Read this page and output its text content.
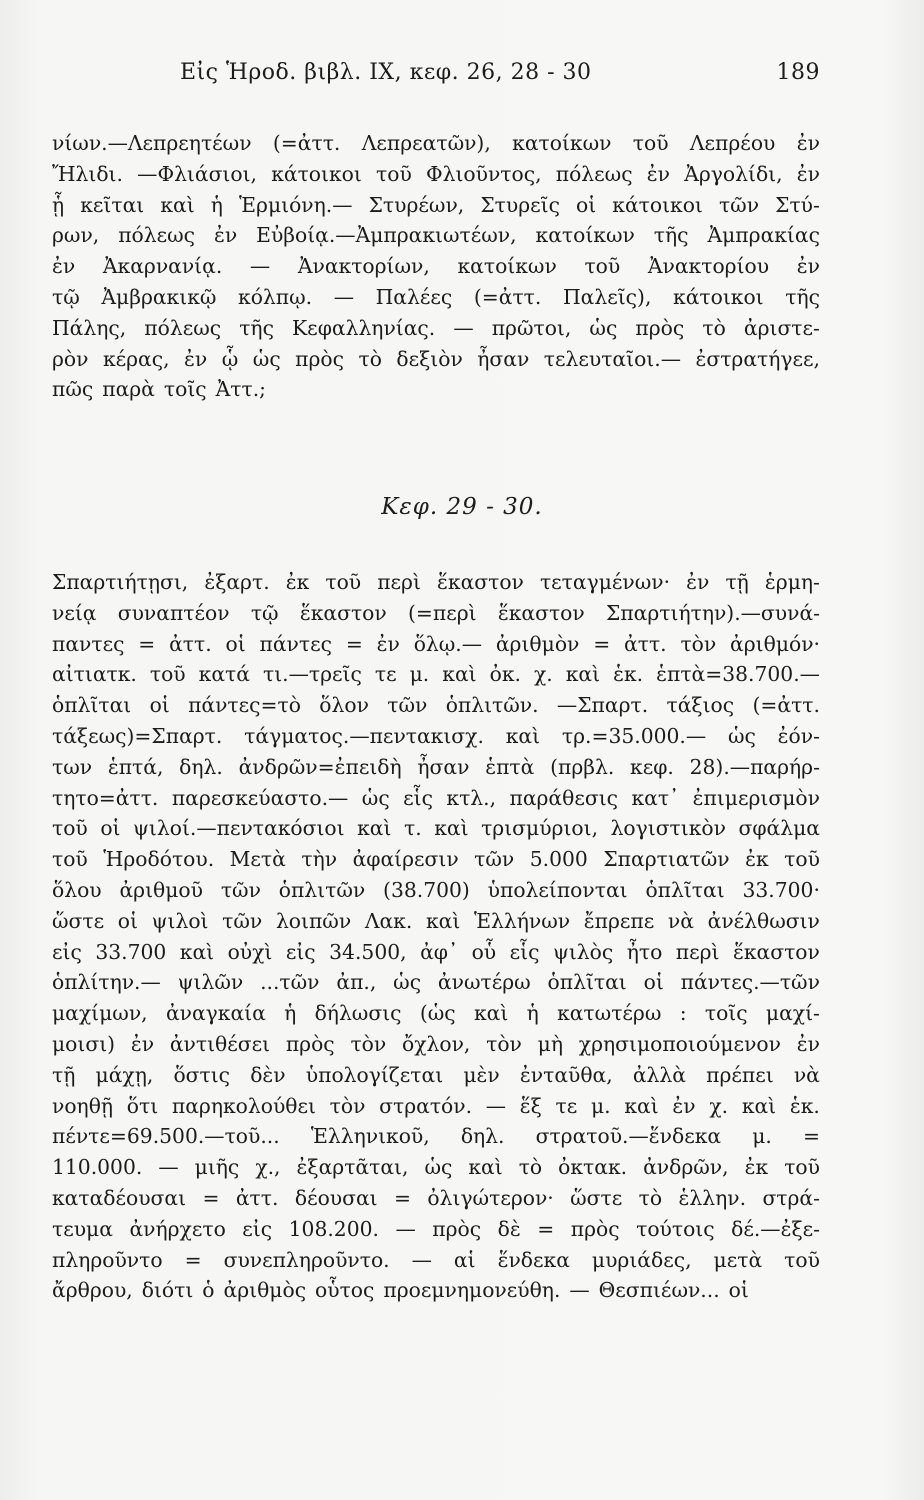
Εἰς Ἡροδ. βιβλ. IX, κεφ. 26, 28 - 30	189
νίων.—Λεπρεητέων (=ἀττ. Λεπρεατῶν), κατοίκων τοῦ Λεπρέου ἐν
Ἤλιδι. —Φλιάσιοι, κάτοικοι τοῦ Φλιοῦντος, πόλεως ἐν Ἀργολίδι, ἐν
ᾗ κεῖται καὶ ἡ Ἑρμιόνη.— Στυρέων, Στυρεῖς οἱ κάτοικοι τῶν Στύ-
ρων, πόλεως ἐν Εὐβοίᾳ.—Ἀμπρακιωτέων, κατοίκων τῆς Ἀμπρακίας
ἐν Ἀκαρνανίᾳ. — Ἀνακτορίων, κατοίκων τοῦ Ἀνακτορίου ἐν
τῷ Ἀμβρακικῷ κόλπῳ. — Παλέες (=ἀττ. Παλεῖς), κάτοικοι τῆς
Πάλης, πόλεως τῆς Κεφαλληνίας. — πρῶτοι, ὡς πρὸς τὸ ἀριστε-
ρὸν κέρας, ἐν ᾧ ὡς πρὸς τὸ δεξιὸν ἦσαν τελευταῖοι.— ἐστρατήγεε,
πῶς παρὰ τοῖς Ἀττ.;
Κεφ. 29 - 30.
Σπαρτιήτῃσι, ἐξαρτ. ἐκ τοῦ περὶ ἕκαστον τεταγμένων· ἐν τῇ ἑρμη-
νείᾳ συναπτέον τῷ ἕκαστον (=περὶ ἕκαστον Σπαρτιήτην).—συνά-
παντες = ἀττ. οἱ πάντες = ἐν ὅλῳ.— ἀριθμὸν = ἀττ. τὸν ἀριθμόν·
αἰτιατκ. τοῦ κατά τι.—τρεῖς τε μ. καὶ ὀκ. χ. καὶ ἑκ. ἑπτὰ=38.700.—
ὁπλῖται οἱ πάντες=τὸ ὅλον τῶν ὁπλιτῶν. —Σπαρτ. τάξιος (=ἀττ.
τάξεως)=Σπαρτ. τάγματος.—πεντακισχ. καὶ τρ.=35.000.— ὡς ἐόν-
των ἑπτά, δηλ. ἀνδρῶν=ἐπειδὴ ἦσαν ἑπτὰ (πρβλ. κεφ. 28).—παρήρ-
τητο=ἀττ. παρεσκεύαστο.— ὡς εἷς κτλ., παράθεσις κατ᾽ ἐπιμερισμὸν
τοῦ οἱ ψιλοί.—πεντακόσιοι καὶ τ. καὶ τρισμύριοι, λογιστικὸν σφάλμα
τοῦ Ἡροδότου. Μετὰ τὴν ἀφαίρεσιν τῶν 5.000 Σπαρτιατῶν ἐκ τοῦ
ὅλου ἀριθμοῦ τῶν ὁπλιτῶν (38.700) ὑπολείπονται ὁπλῖται 33.700·
ὥστε οἱ ψιλοὶ τῶν λοιπῶν Λακ. καὶ Ἑλλήνων ἔπρεπε νὰ ἀνέλθωσιν
εἰς 33.700 καὶ οὐχὶ εἰς 34.500, ἀφ᾽ οὗ εἷς ψιλὸς ἦτο περὶ ἕκαστον
ὁπλίτην.— ψιλῶν ...τῶν ἀπ., ὡς ἀνωτέρω ὁπλῖται οἱ πάντες.—τῶν
μαχίμων, ἀναγκαία ἡ δήλωσις (ὡς καὶ ἡ κατωτέρω : τοῖς μαχί-
μοισι) ἐν ἀντιθέσει πρὸς τὸν ὄχλον, τὸν μὴ χρησιμοποιούμενον ἐν
τῇ μάχῃ, ὅστις δὲν ὑπολογίζεται μὲν ἐνταῦθα, ἀλλὰ πρέπει νὰ
νοηθῇ ὅτι παρηκολούθει τὸν στρατόν. — ἕξ τε μ. καὶ ἐν χ. καὶ ἑκ.
πέντε=69.500.—τοῦ... Ἑλληνικοῦ, δηλ. στρατοῦ.—ἕνδεκα μ. =
110.000. — μιῆς χ., ἐξαρτᾶται, ὡς καὶ τὸ ὀκτακ. ἀνδρῶν, ἐκ τοῦ
καταδέουσαι = ἀττ. δέουσαι = ὀλιγώτερον· ὥστε τὸ ἑλλην. στρά-
τευμα ἀνήρχετο εἰς 108.200. — πρὸς δὲ = πρὸς τούτοις δέ.—ἐξε-
πληροῦντο = συνεπληροῦντο. — αἱ ἕνδεκα μυριάδες, μετὰ τοῦ
ἄρθρου, διότι ὁ ἀριθμὸς οὗτος προεμνημονεύθη. — Θεσπιέων... οἱ
